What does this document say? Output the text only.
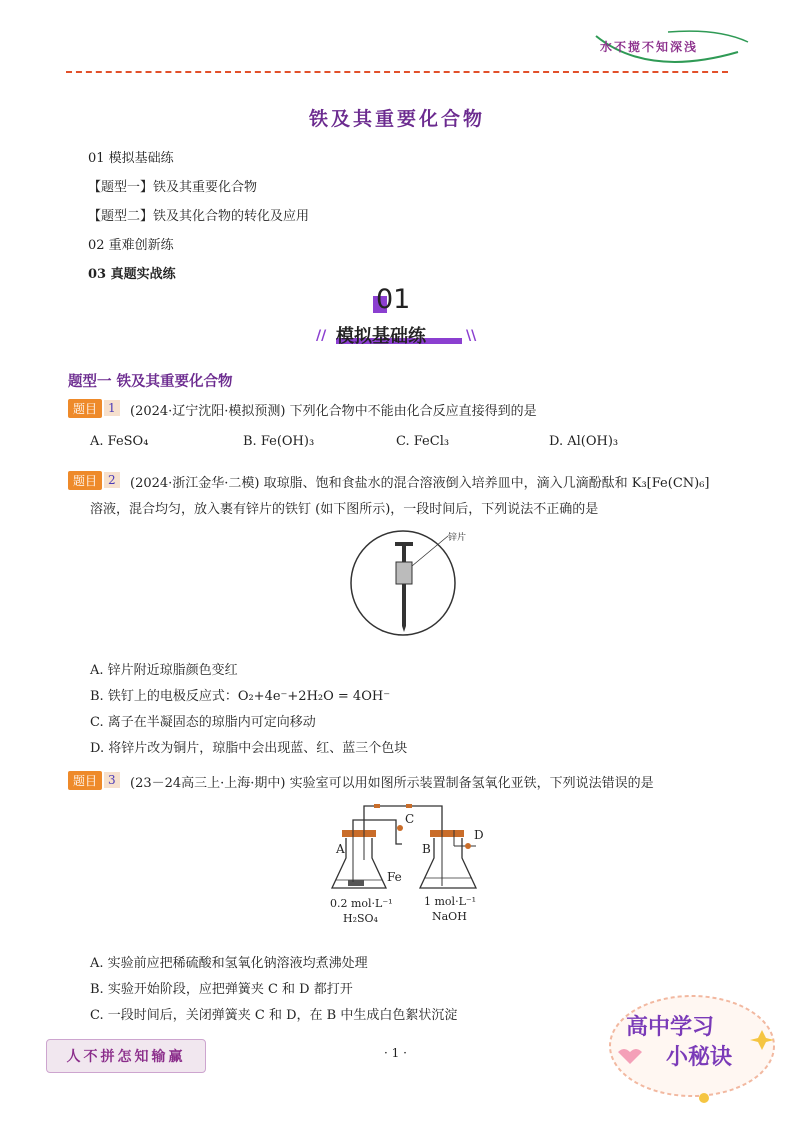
水不搅不知深浅
铁及其重要化合物
01 模拟基础练
【题型一】铁及其重要化合物
【题型二】铁及其化合物的转化及应用
02 重难创新练
03 真题实战练
01
// 模拟基础练	\\
题型一 铁及其重要化合物
题目 1	(2024·辽宁沈阳·模拟预测) 下列化合物中不能由化合反应直接得到的是
A. FeSO₄	B. Fe(OH)₃	C. FeCl₃	D. Al(OH)₃
题目 2	(2024·浙江金华·二模) 取琼脂、饱和食盐水的混合溶液倒入培养皿中，滴入几滴酚酞和 K₃[Fe(CN)₆]
溶液，混合均匀，放入裹有锌片的铁钉 (如下图所示)，一段时间后，下列说法不正确的是
锌片
A. 锌片附近琼脂颜色变红
B. 铁钉上的电极反应式：O₂+4e⁻+2H₂O = 4OH⁻
C. 离子在半凝固态的琼脂内可定向移动
D. 将锌片改为铜片，琼脂中会出现蓝、红、蓝三个色块
题目 3	(23－24高三上·上海·期中) 实验室可以用如图所示装置制备氢氧化亚铁，下列说法错误的是
A	B
C
D
Fe
0.2 mol·L⁻¹
H₂SO₄
1 mol·L⁻¹
NaOH
A. 实验前应把稀硫酸和氢氧化钠溶液均煮沸处理
B. 实验开始阶段，应把弹簧夹 C 和 D 都打开
C. 一段时间后，关闭弹簧夹 C 和 D，在 B 中生成白色絮状沉淀
人不拼怎知输赢	· 1 ·
高中学习
小秘诀
